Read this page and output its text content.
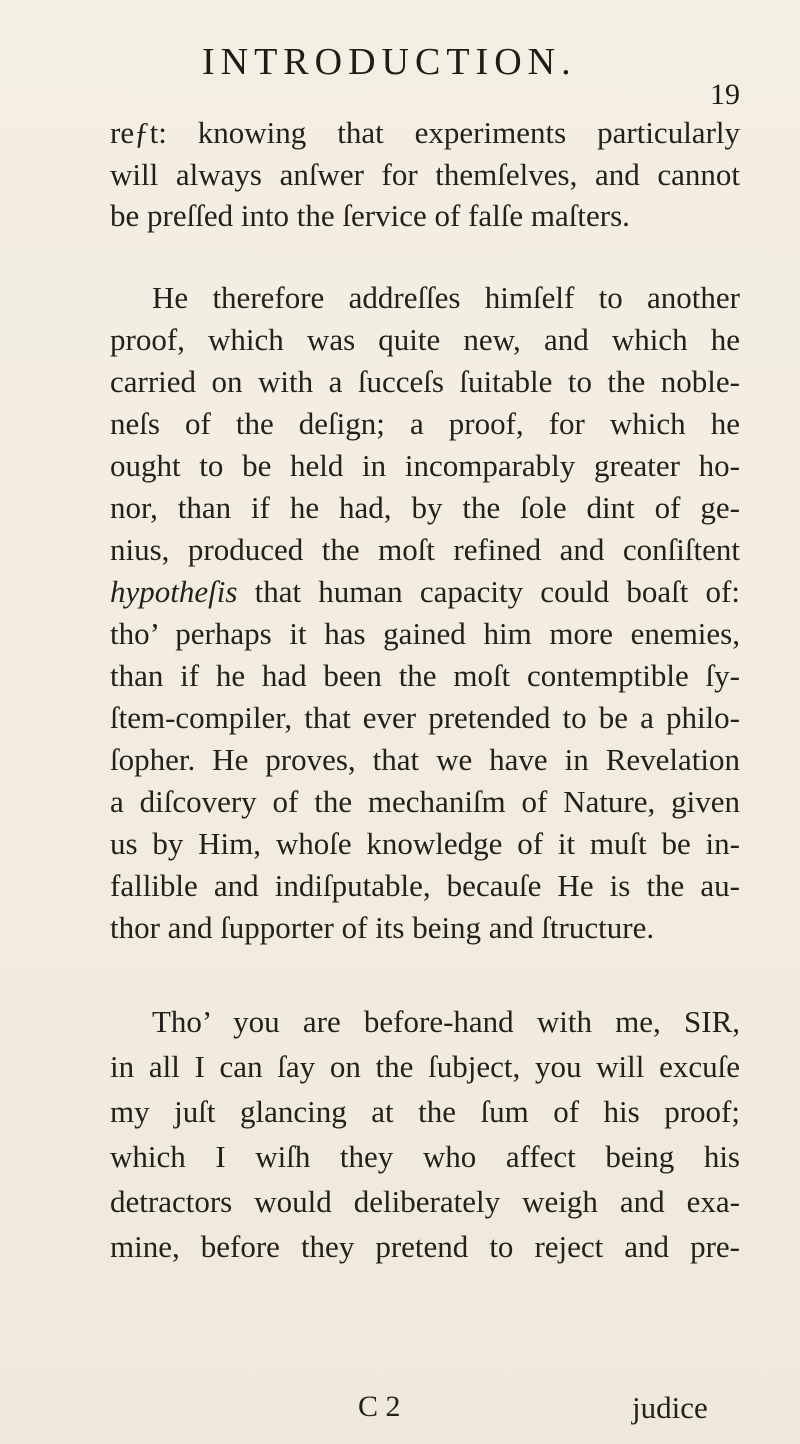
INTRODUCTION.
19
reƒt: knowing that experiments particularly
will always anſwer for themſelves, and cannot
be preſſed into the ſervice of falſe maſters.
He therefore addreſſes himſelf to another
proof, which was quite new, and which he
carried on with a ſucceſs ſuitable to the noble-
neſs of the deſign; a proof, for which he
ought to be held in incomparably greater ho-
nor, than if he had, by the ſole dint of ge-
nius, produced the moſt refined and conſiſtent
hypotheſis that human capacity could boaſt of:
tho’ perhaps it has gained him more enemies,
than if he had been the moſt contemptible ſy-
ſtem-compiler, that ever pretended to be a philo-
ſopher. He proves, that we have in Revelation
a diſcovery of the mechaniſm of Nature, given
us by Him, whoſe knowledge of it muſt be in-
fallible and indiſputable, becauſe He is the au-
thor and ſupporter of its being and ſtructure.
Tho’ you are before-hand with me, SIR,
in all I can ſay on the ſubject, you will excuſe
my juſt glancing at the ſum of his proof;
which I wiſh they who affect being his
detractors would deliberately weigh and exa-
mine, before they pretend to reject and pre-
C 2	judice
